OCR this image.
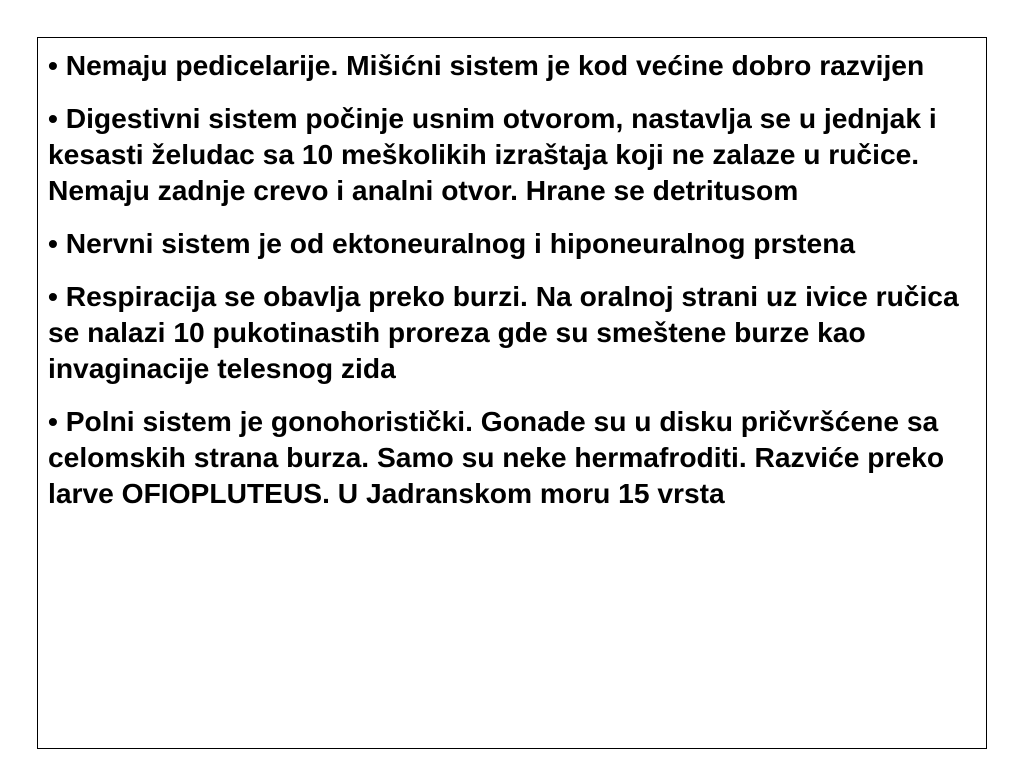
• Nemaju pedicelarije. Mišićni sistem je kod većine dobro razvijen
• Digestivni sistem počinje usnim otvorom, nastavlja se u jednjak i kesasti želudac sa 10 meškolikih izraštaja koji ne zalaze u ručice. Nemaju zadnje crevo i analni otvor. Hrane se detritusom
• Nervni sistem je od ektoneuralnog i hiponeuralnog prstena
• Respiracija se obavlja preko burzi. Na oralnoj strani uz ivice ručica se nalazi 10 pukotinastih proreza gde su smeštene burze kao invaginacije telesnog zida
• Polni sistem je gonohoristički. Gonade su u disku pričvršćene sa celomskih strana burza. Samo su neke hermafroditi. Razviće preko larve OFIOPLUTEUS. U Jadranskom moru 15 vrsta
